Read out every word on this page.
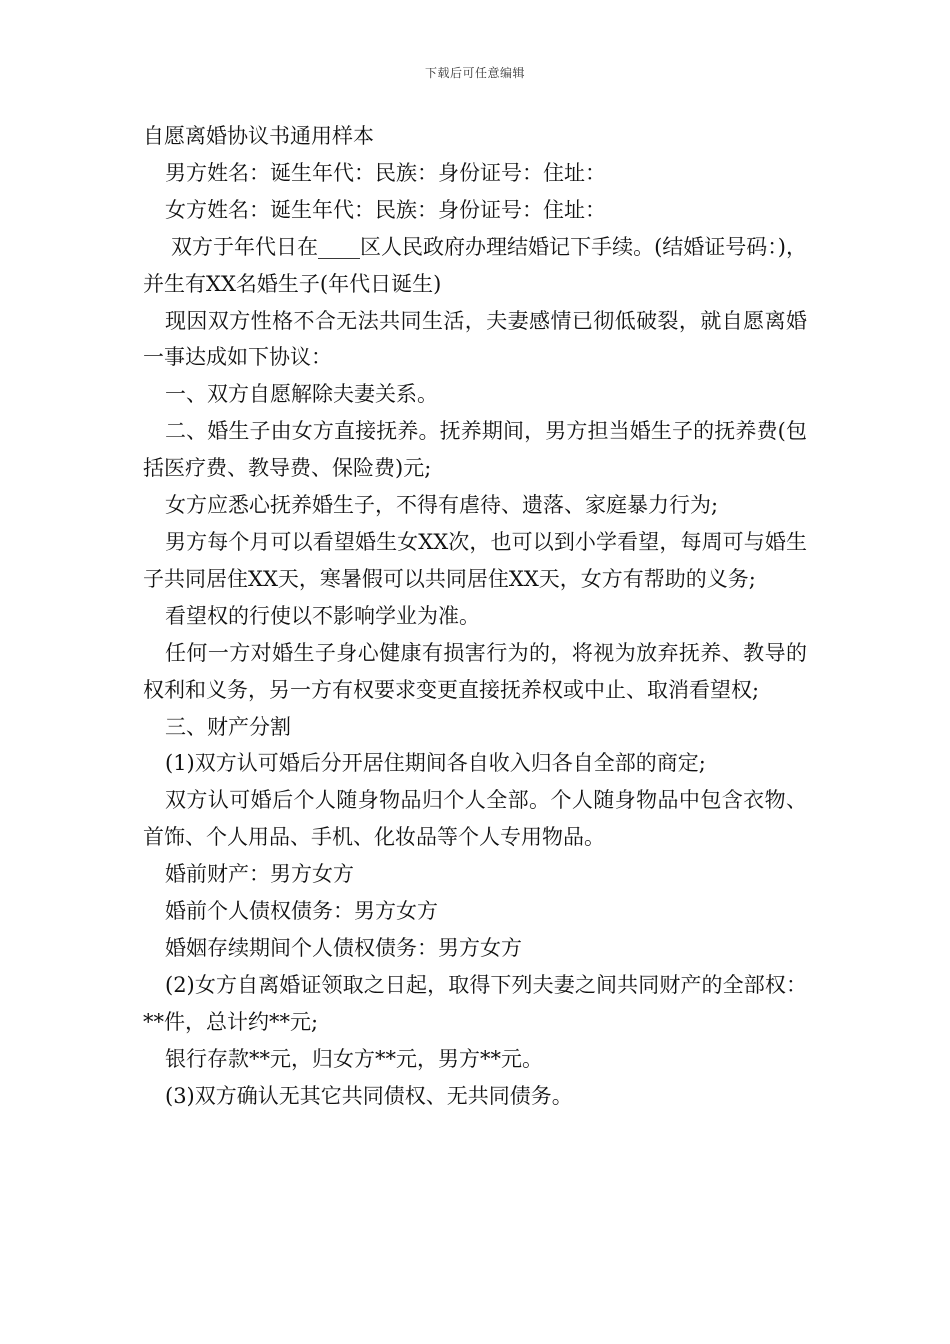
下载后可任意编辑

自愿离婚协议书通用样本

男方姓名：诞生年代：民族：身份证号：住址：

女方姓名：诞生年代：民族：身份证号：住址：

双方于年代日在____区人民政府办理结婚记下手续。(结婚证号码：)，并生有XX名婚生子(年代日诞生)

现因双方性格不合无法共同生活，夫妻感情已彻低破裂，就自愿离婚一事达成如下协议：

一、双方自愿解除夫妻关系。

二、婚生子由女方直接抚养。抚养期间，男方担当婚生子的抚养费(包括医疗费、教导费、保险费)元;

女方应悉心抚养婚生子，不得有虐待、遗落、家庭暴力行为;

男方每个月可以看望婚生女XX次，也可以到小学看望，每周可与婚生子共同居住XX天，寒暑假可以共同居住XX天，女方有帮助的义务;

看望权的行使以不影响学业为准。

任何一方对婚生子身心健康有损害行为的，将视为放弃抚养、教导的权利和义务，另一方有权要求变更直接抚养权或中止、取消看望权;

三、财产分割

(1)双方认可婚后分开居住期间各自收入归各自全部的商定;

双方认可婚后个人随身物品归个人全部。个人随身物品中包含衣物、首饰、个人用品、手机、化妆品等个人专用物品。

婚前财产：男方女方

婚前个人债权债务：男方女方

婚姻存续期间个人债权债务：男方女方

(2)女方自离婚证领取之日起，取得下列夫妻之间共同财产的全部权：**件，总计约**元;

银行存款**元，归女方**元，男方**元。

(3)双方确认无其它共同债权、无共同债务。
